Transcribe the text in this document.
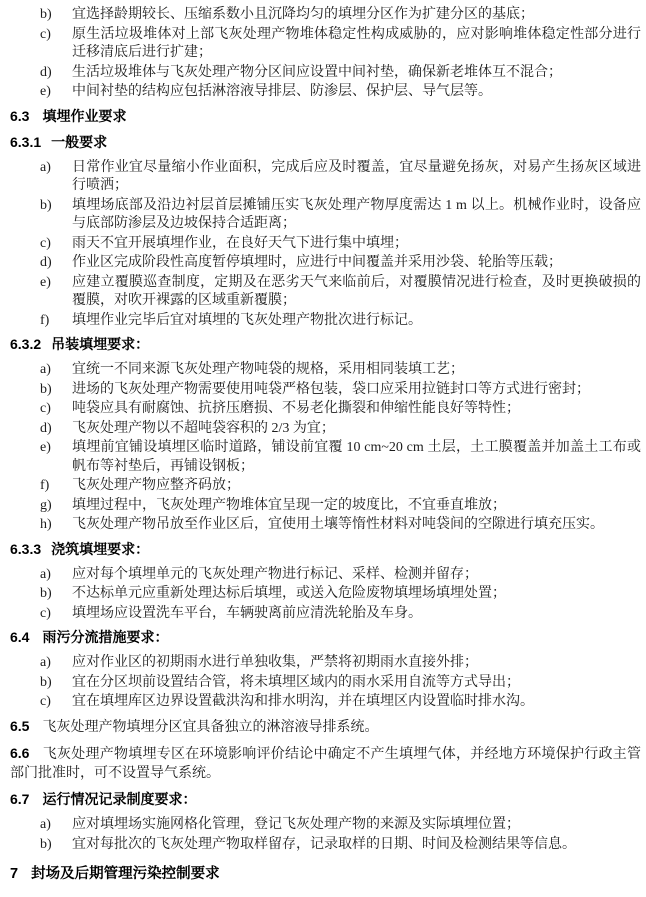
b)	宜选择龄期较长、压缩系数小且沉降均匀的填埋分区作为扩建分区的基底；
c)	原生活垃圾堆体对上部飞灰处理产物堆体稳定性构成威胁的，应对影响堆体稳定性部分进行迁移清底后进行扩建；
d)	生活垃圾堆体与飞灰处理产物分区间应设置中间衬垫，确保新老堆体互不混合；
e)	中间衬垫的结构应包括淋溶液导排层、防渗层、保护层、导气层等。
6.3 填埋作业要求
6.3.1 一般要求
a)	日常作业宜尽量缩小作业面积，完成后应及时覆盖，宜尽量避免扬灰，对易产生扬灰区域进行喷洒；
b)	填埋场底部及沿边衬层首层摊铺压实飞灰处理产物厚度需达 1 m 以上。机械作业时，设备应与底部防渗层及边坡保持合适距离；
c)	雨天不宜开展填埋作业，在良好天气下进行集中填埋；
d)	作业区完成阶段性高度暂停填埋时，应进行中间覆盖并采用沙袋、轮胎等压载；
e)	应建立覆膜巡查制度，定期及在恶劣天气来临前后，对覆膜情况进行检查，及时更换破损的覆膜，对吹开裸露的区域重新覆膜；
f)	填埋作业完毕后宜对填埋的飞灰处理产物批次进行标记。
6.3.2 吊装填埋要求：
a)	宜统一不同来源飞灰处理产物吨袋的规格，采用相同装填工艺；
b)	进场的飞灰处理产物需要使用吨袋严格包装，袋口应采用拉链封口等方式进行密封；
c)	吨袋应具有耐腐蚀、抗挤压磨损、不易老化撕裂和伸缩性能良好等特性；
d)	飞灰处理产物以不超吨袋容积的 2/3 为宜；
e)	填埋前宜铺设填埋区临时道路，铺设前宜覆 10 cm~20 cm 土层，土工膜覆盖并加盖土工布或帆布等衬垫后，再铺设钢板；
f)	飞灰处理产物应整齐码放；
g)	填埋过程中，飞灰处理产物堆体宜呈现一定的坡度比，不宜垂直堆放；
h)	飞灰处理产物吊放至作业区后，宜使用土壤等惰性材料对吨袋间的空隙进行填充压实。
6.3.3 浇筑填埋要求：
a)	应对每个填埋单元的飞灰处理产物进行标记、采样、检测并留存；
b)	不达标单元应重新处理达标后填埋，或送入危险废物填埋场填埋处置；
c)	填埋场应设置洗车平台，车辆驶离前应清洗轮胎及车身。
6.4 雨污分流措施要求：
a)	应对作业区的初期雨水进行单独收集，严禁将初期雨水直接外排；
b)	宜在分区坝前设置结合管，将未填埋区域内的雨水采用自流等方式导出；
c)	宜在填埋库区边界设置截洪沟和排水明沟，并在填埋区内设置临时排水沟。
6.5 飞灰处理产物填埋分区宜具备独立的淋溶液导排系统。
6.6 飞灰处理产物填埋专区在环境影响评价结论中确定不产生填埋气体，并经地方环境保护行政主管部门批准时，可不设置导气系统。
6.7 运行情况记录制度要求：
a)	应对填埋场实施网格化管理，登记飞灰处理产物的来源及实际填埋位置；
b)	宜对每批次的飞灰处理产物取样留存，记录取样的日期、时间及检测结果等信息。
7 封场及后期管理污染控制要求
